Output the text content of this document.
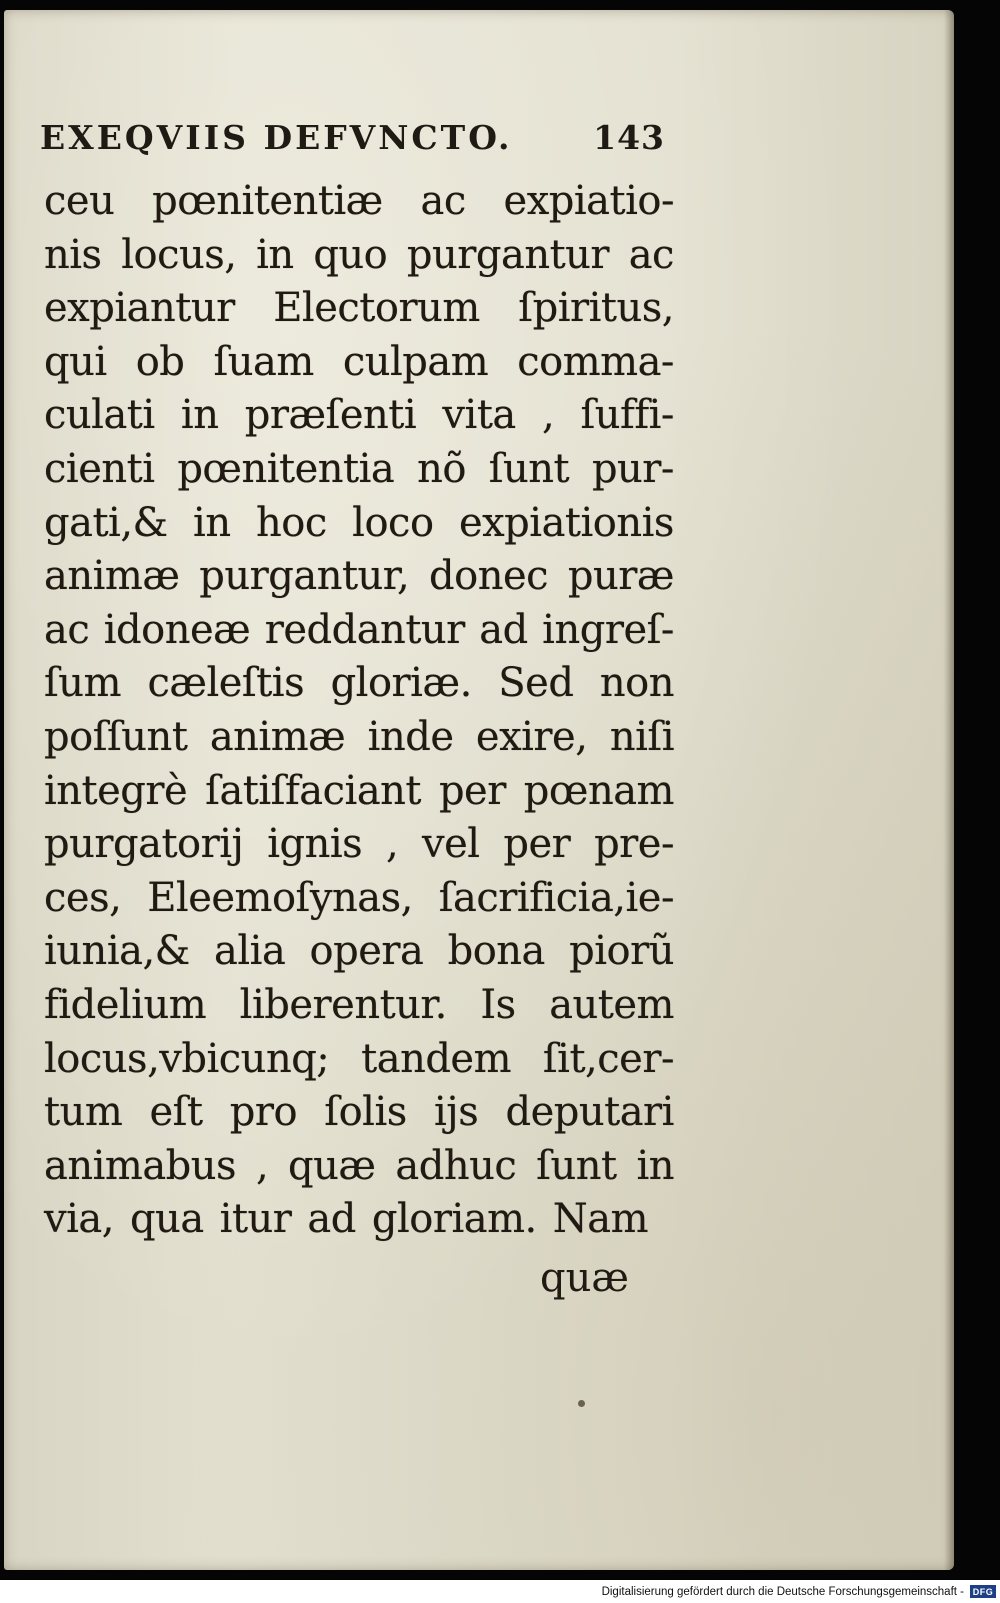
EXEQVIIS DEFVNCTO. 143
ceu pœnitentiæ ac expiatio-
nis locus, in quo purgantur ac
expiantur Electorum ſpiritus,
qui ob ſuam culpam comma-
culati in præſenti vita , ſuffi-
cienti pœnitentia nõ ſunt pur-
gati,& in hoc loco expiationis
animæ purgantur, donec puræ
ac idoneæ reddantur ad ingreſ-
ſum cæleſtis gloriæ. Sed non
poſſunt animæ inde exire, niſi
integrè ſatiſfaciant per pœnam
purgatorij ignis , vel per pre-
ces, Eleemoſynas, ſacrificia,ie-
iunia,& alia opera bona piorũ
fidelium liberentur. Is autem
locus,vbicunq; tandem ſit,cer-
tum eſt pro ſolis ijs deputari
animabus , quæ adhuc ſunt in
via, qua itur ad gloriam. Nam
quæ
Digitalisierung gefördert durch die Deutsche Forschungsgemeinschaft - DFG
